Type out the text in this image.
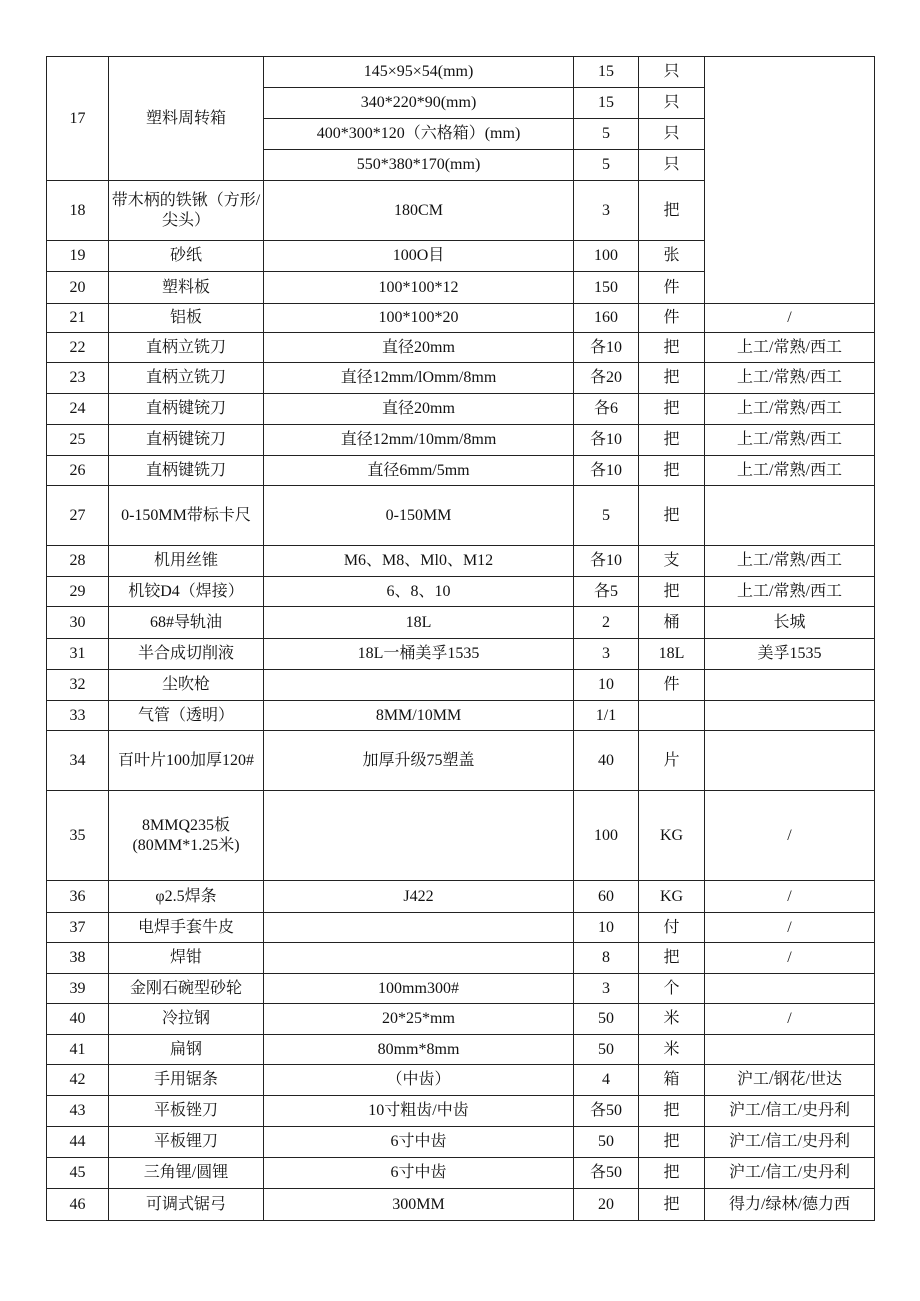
17	塑料周转箱	145×95×54(mm)	15	只		
		340*220*90(mm)	15	只		
		400*300*120（六格箱）(mm)	5	只		
		550*380*170(mm)	5	只		
18	带木柄的铁锹（方形/尖头）	180CM	3	把		
19	砂纸	100O目	100	张		
20	塑料板	100*100*12	150	件	
21	铝板	100*100*20	160	件	/	
22	直柄立铣刀	直径20mm	各10	把	上工/常熟/西工	
23	直柄立铣刀	直径12mm/lOmm/8mm	各20	把	上工/常熟/西工	
24	直柄键铳刀	直径20mm	各6	把	上工/常熟/西工	
25	直柄键铳刀	直径12mm/10mm/8mm	各10	把	上工/常熟/西工	
26	直柄键铣刀	直径6mm/5mm	各10	把	上工/常熟/西工	
27	0-150MM带标卡尺	0-150MM	5	把		
28	机用丝锥	M6、M8、Ml0、M12	各10	支	上工/常熟/西工	
29	机铰D4（焊接）	6、8、10	各5	把	上工/常熟/西工	
30	68#导轨油	18L	2	桶	长城	
31	半合成切削液	18L一桶美孚1535	3	18L	美孚1535	
32	尘吹枪		10	件		
33	气管（透明）	8MM/10MM	1/1			
34	百叶片100加厚120#	加厚升级75塑盖	40	片		
35	8MMQ235板(80MM*1.25米)		100	KG	/	
36	φ2.5焊条	J422	60	KG	/	
37	电焊手套牛皮		10	付	/	
38	焊钳		8	把	/	
39	金刚石碗型砂轮	100mm300#	3	个		
40	冷拉钢	20*25*mm	50	米	/	
41	扁钢	80mm*8mm	50	米		
42	手用锯条	（中齿）	4	箱	沪工/钢花/世达	
43	平板锉刀	10寸粗齿/中齿	各50	把	沪工/信工/史丹利	
44	平板锂刀	6寸中齿	50	把	沪工/信工/史丹利	
45	三角锂/圆锂	6寸中齿	各50	把	沪工/信工/史丹利	
46	可调式锯弓	300MM	20	把	得力/绿林/德力西	
